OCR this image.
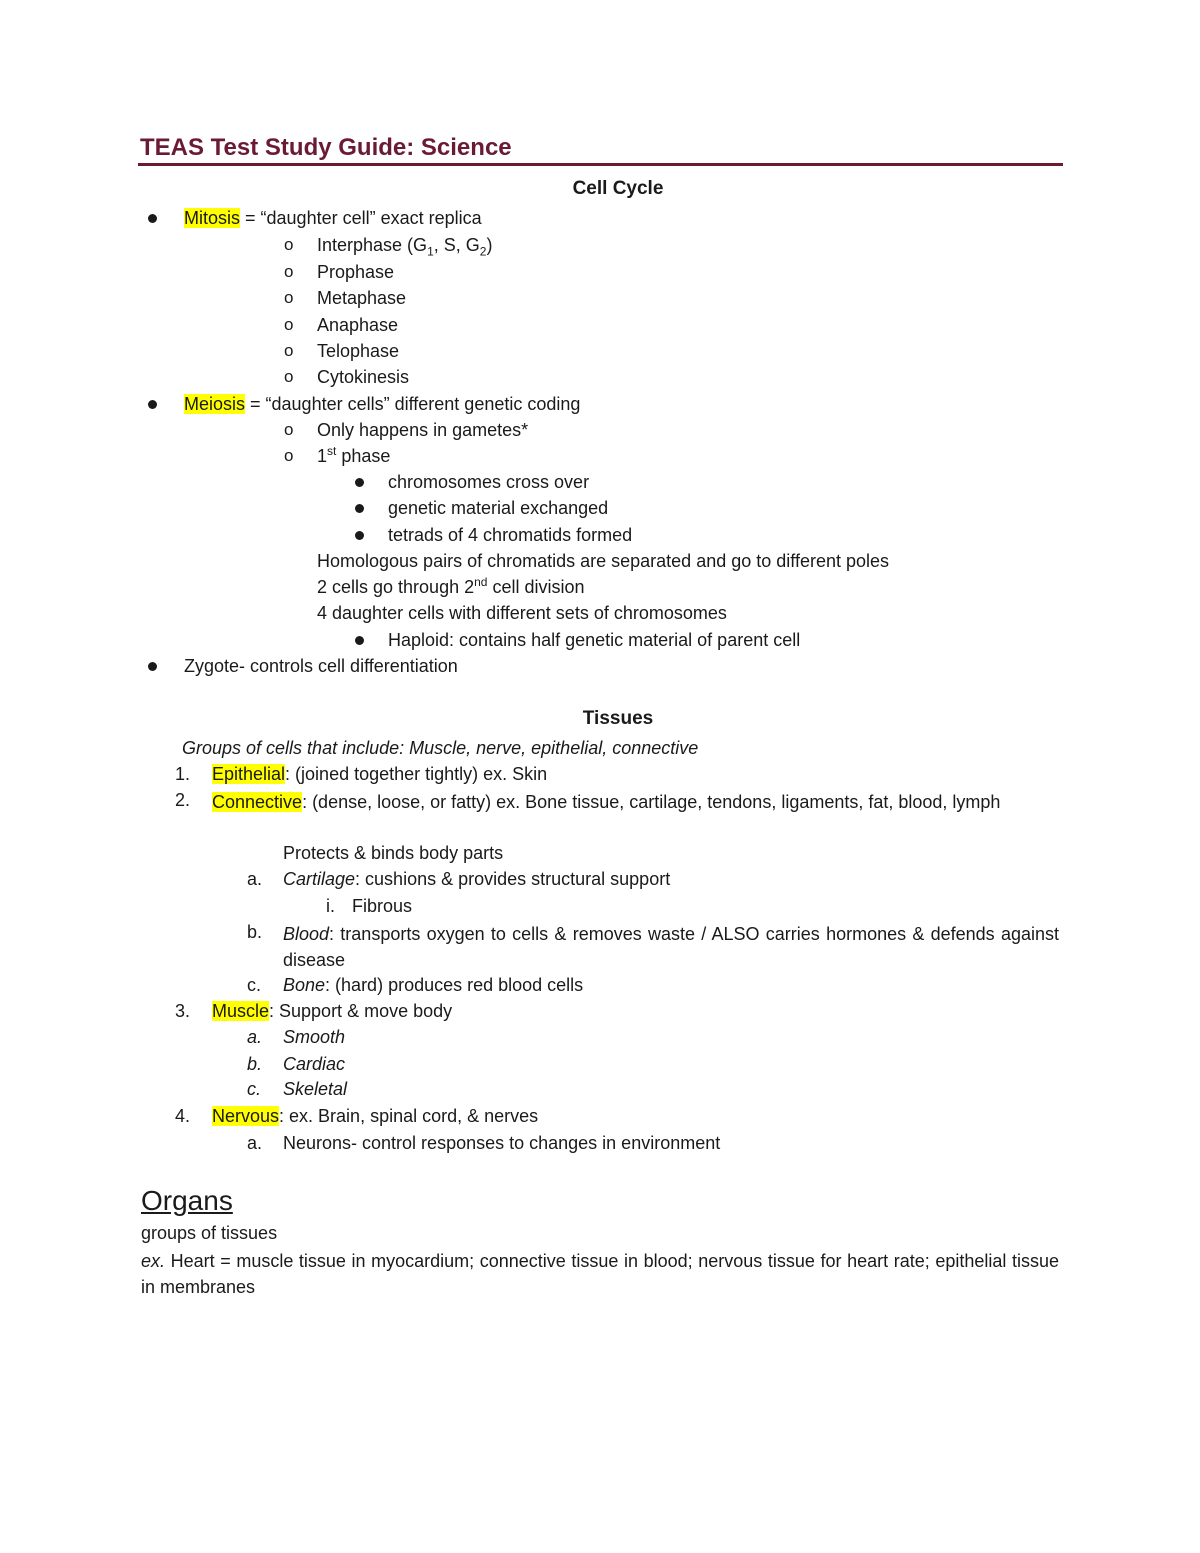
TEAS Test Study Guide: Science
Cell Cycle
Mitosis = “daughter cell” exact replica
o Interphase ($G_1$, S, $G_2$)
o Prophase
o Metaphase
o Anaphase
o Telophase
o Cytokinesis
Meiosis = “daughter cells” different genetic coding
o Only happens in gametes*
o 1st phase
chromosomes cross over
genetic material exchanged
tetrads of 4 chromatids formed
Homologous pairs of chromatids are separated and go to different poles
2 cells go through 2nd cell division
4 daughter cells with different sets of chromosomes
Haploid: contains half genetic material of parent cell
Zygote- controls cell differentiation
Tissues
Groups of cells that include: Muscle, nerve, epithelial, connective
1. Epithelial: (joined together tightly) ex. Skin
2. Connective: (dense, loose, or fatty) ex. Bone tissue, cartilage, tendons, ligaments, fat, blood, lymph
Protects & binds body parts
a. Cartilage: cushions & provides structural support
i. Fibrous
b. Blood: transports oxygen to cells & removes waste / ALSO carries hormones & defends against disease
c. Bone: (hard) produces red blood cells
3. Muscle: Support & move body
a. Smooth
b. Cardiac
c. Skeletal
4. Nervous: ex. Brain, spinal cord, & nerves
a. Neurons- control responses to changes in environment
Organs
groups of tissues
ex. Heart = muscle tissue in myocardium; connective tissue in blood; nervous tissue for heart rate; epithelial tissue in membranes
